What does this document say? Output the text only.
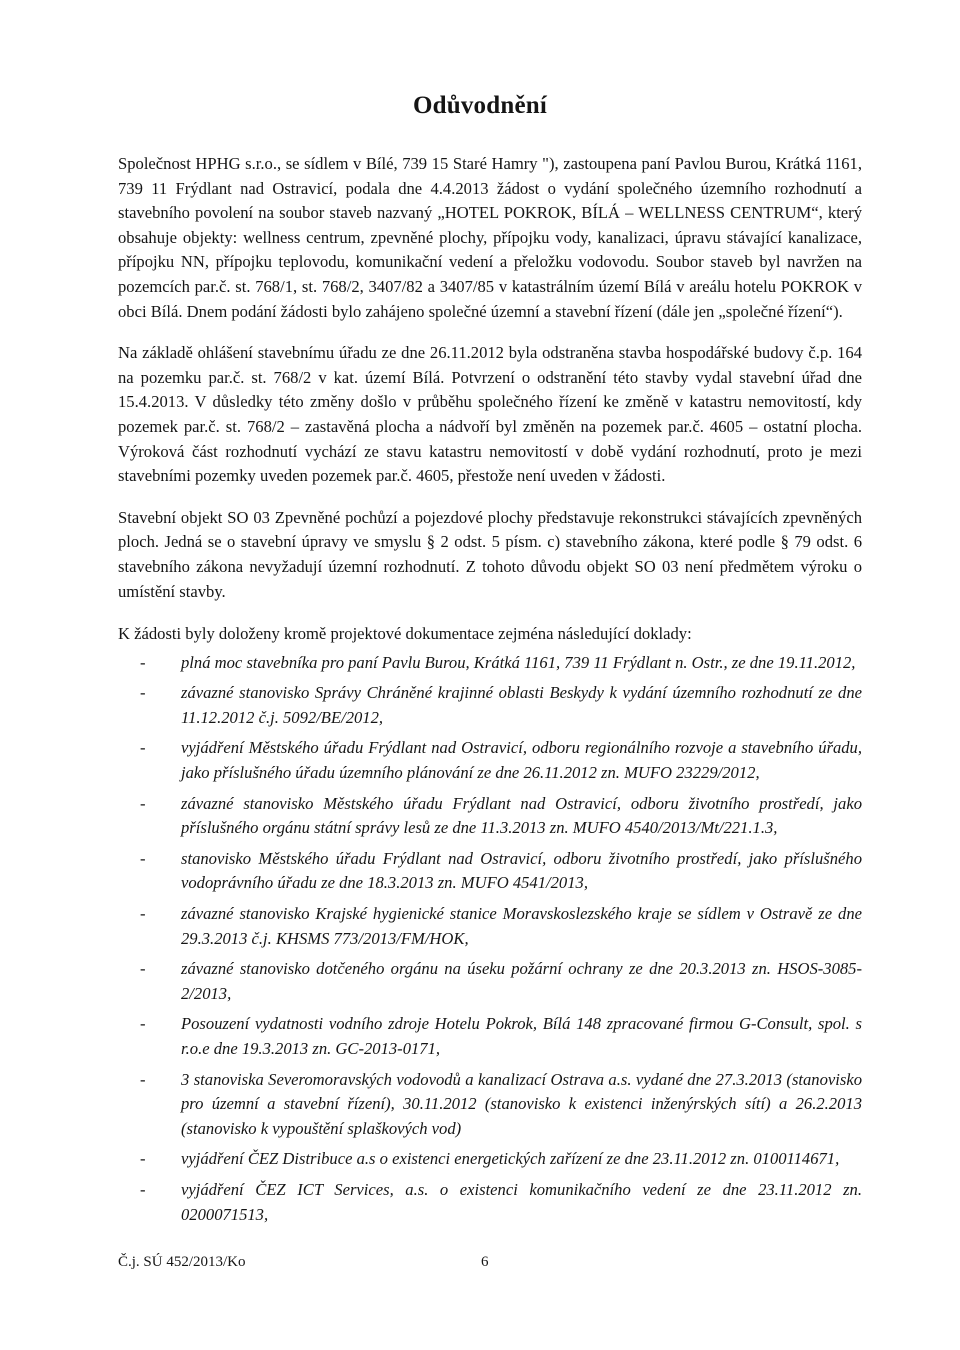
Odůvodnění

Společnost HPHG s.r.o., se sídlem v Bílé, 739 15 Staré Hamry "), zastoupena paní Pavlou Burou, Krátká 1161, 739 11 Frýdlant nad Ostravicí, podala dne 4.4.2013 žádost o vydání společného územního rozhodnutí a stavebního povolení na soubor staveb nazvaný „HOTEL POKROK, BÍLÁ – WELLNESS CENTRUM“, který obsahuje objekty: wellness centrum, zpevněné plochy, přípojku vody, kanalizaci, úpravu stávající kanalizace, přípojku NN, přípojku teplovodu, komunikační vedení a přeložku vodovodu. Soubor staveb byl navržen na pozemcích par.č. st. 768/1, st. 768/2, 3407/82 a 3407/85 v katastrálním území Bílá v areálu hotelu POKROK v obci Bílá. Dnem podání žádosti bylo zahájeno společné územní a stavební řízení (dále jen „společné řízení“).

Na základě ohlášení stavebnímu úřadu ze dne 26.11.2012 byla odstraněna stavba hospodářské budovy č.p. 164 na pozemku par.č. st. 768/2 v kat. území Bílá. Potvrzení o odstranění této stavby vydal stavební úřad dne 15.4.2013. V důsledky této změny došlo v průběhu společného řízení ke změně v katastru nemovitostí, kdy pozemek par.č. st. 768/2 – zastavěná plocha a nádvoří byl změněn na pozemek par.č. 4605 – ostatní plocha. Výroková část rozhodnutí vychází ze stavu katastru nemovitostí v době vydání rozhodnutí, proto je mezi stavebními pozemky uveden pozemek par.č. 4605, přestože není uveden v žádosti.

Stavební objekt SO 03 Zpevněné pochůzí a pojezdové plochy představuje rekonstrukci stávajících zpevněných ploch. Jedná se o stavební úpravy ve smyslu § 2 odst. 5 písm. c) stavebního zákona, které podle § 79 odst. 6 stavebního zákona nevyžadují územní rozhodnutí. Z tohoto důvodu objekt SO 03 není předmětem výroku o umístění stavby.

K žádosti byly doloženy kromě projektové dokumentace zejména následující doklady:

- plná moc stavebníka pro paní Pavlu Burou, Krátká 1161, 739 11 Frýdlant n. Ostr., ze dne 19.11.2012,
- závazné stanovisko Správy Chráněné krajinné oblasti Beskydy k vydání územního rozhodnutí ze dne 11.12.2012 č.j. 5092/BE/2012,
- vyjádření Městského úřadu Frýdlant nad Ostravicí, odboru regionálního rozvoje a stavebního úřadu, jako příslušného úřadu územního plánování ze dne 26.11.2012 zn. MUFO 23229/2012,
- závazné stanovisko Městského úřadu Frýdlant nad Ostravicí, odboru životního prostředí, jako příslušného orgánu státní správy lesů ze dne 11.3.2013 zn. MUFO 4540/2013/Mt/221.1.3,
- stanovisko Městského úřadu Frýdlant nad Ostravicí, odboru životního prostředí, jako příslušného vodoprávního úřadu ze dne 18.3.2013 zn. MUFO 4541/2013,
- závazné stanovisko Krajské hygienické stanice Moravskoslezského kraje se sídlem v Ostravě ze dne 29.3.2013 č.j. KHSMS 773/2013/FM/HOK,
- závazné stanovisko dotčeného orgánu na úseku požární ochrany ze dne 20.3.2013 zn. HSOS-3085-2/2013,
- Posouzení vydatnosti vodního zdroje Hotelu Pokrok, Bílá 148 zpracované firmou G-Consult, spol. s r.o.e dne 19.3.2013 zn. GC-2013-0171,
- 3 stanoviska Severomoravských vodovodů a kanalizací Ostrava a.s. vydané dne 27.3.2013 (stanovisko pro územní a stavební řízení), 30.11.2012 (stanovisko k existenci inženýrských sítí) a 26.2.2013 (stanovisko k vypouštění splaškových vod)
- vyjádření ČEZ Distribuce a.s o existenci energetických zařízení ze dne 23.11.2012 zn. 0100114671,
- vyjádření ČEZ ICT Services, a.s. o existenci komunikačního vedení ze dne 23.11.2012 zn. 0200071513,
Č.j. SÚ 452/2013/Ko	6
